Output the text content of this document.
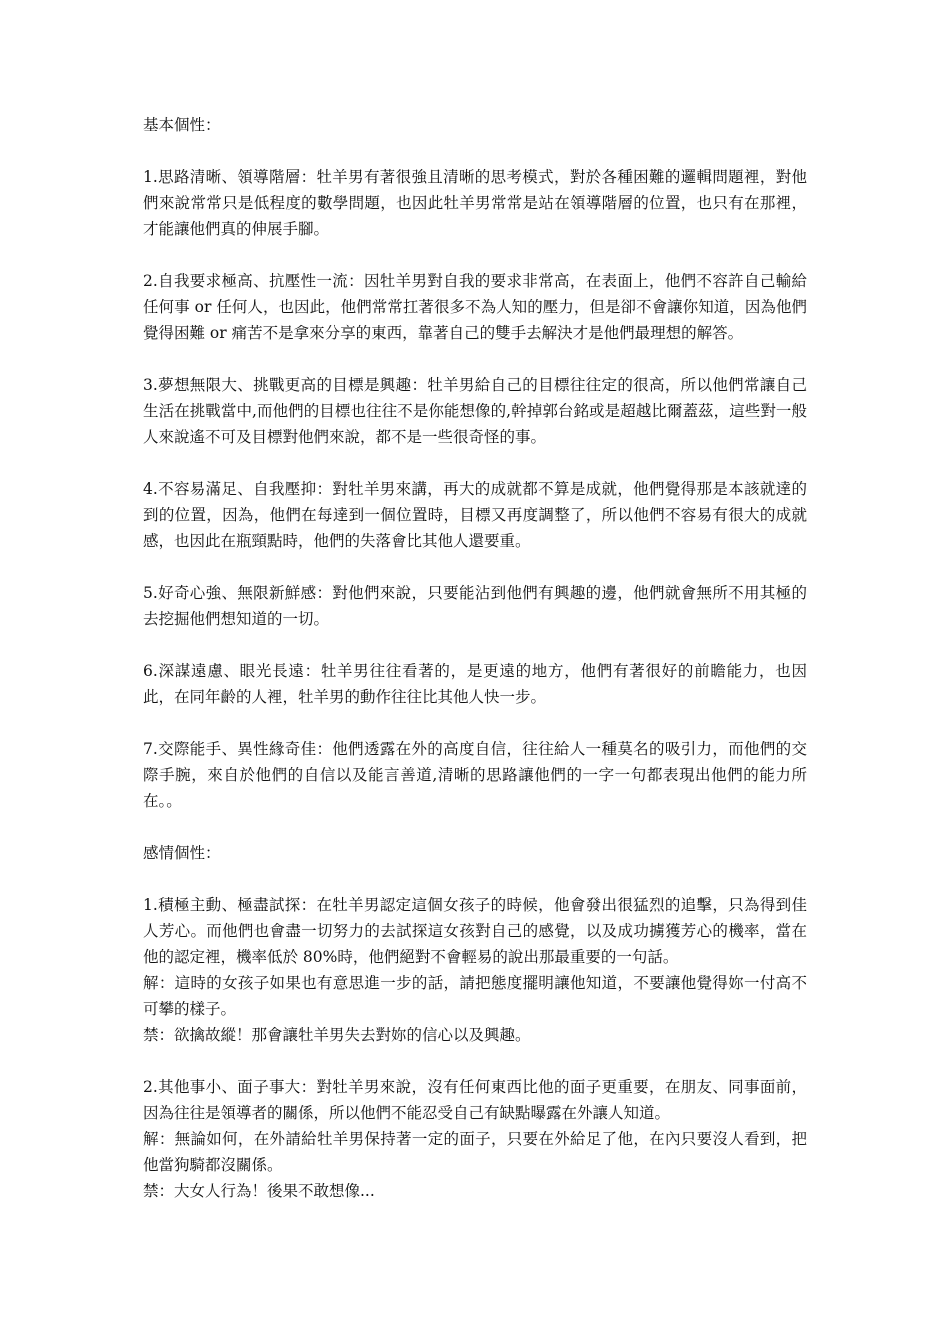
基本個性：

1.思路清晰、領導階層：牡羊男有著很強且清晰的思考模式，對於各種困難的邏輯問題裡，對他們來說常常只是低程度的數學問題，也因此牡羊男常常是站在領導階層的位置，也只有在那裡，才能讓他們真的伸展手腳。

2.自我要求極高、抗壓性一流：因牡羊男對自我的要求非常高，在表面上，他們不容許自己輸給任何事 or 任何人，也因此，他們常常扛著很多不為人知的壓力，但是卻不會讓你知道，因為他們覺得困難 or 痛苦不是拿來分享的東西，靠著自己的雙手去解決才是他們最理想的解答。

3.夢想無限大、挑戰更高的目標是興趣：牡羊男給自己的目標往往定的很高，所以他們常讓自己生活在挑戰當中,而他們的目標也往往不是你能想像的,幹掉郭台銘或是超越比爾蓋茲，這些對一般人來說遙不可及目標對他們來說，都不是一些很奇怪的事。

4.不容易滿足、自我壓抑：對牡羊男來講，再大的成就都不算是成就，他們覺得那是本該就達的到的位置，因為，他們在每達到一個位置時，目標又再度調整了，所以他們不容易有很大的成就感，也因此在瓶頸點時，他們的失落會比其他人還要重。

5.好奇心強、無限新鮮感：對他們來說，只要能沾到他們有興趣的邊，他們就會無所不用其極的去挖掘他們想知道的一切。

6.深謀遠慮、眼光長遠：牡羊男往往看著的，是更遠的地方，他們有著很好的前瞻能力，也因此，在同年齡的人裡，牡羊男的動作往往比其他人快一步。

7.交際能手、異性緣奇佳：他們透露在外的高度自信，往往給人一種莫名的吸引力，而他們的交際手腕，來自於他們的自信以及能言善道,清晰的思路讓他們的一字一句都表現出他們的能力所在。。

感情個性：

1.積極主動、極盡試探：在牡羊男認定這個女孩子的時候，他會發出很猛烈的追擊，只為得到佳人芳心。而他們也會盡一切努力的去試探這女孩對自己的感覺，以及成功擄獲芳心的機率，當在他的認定裡，機率低於 80%時，他們絕對不會輕易的說出那最重要的一句話。

解：這時的女孩子如果也有意思進一步的話，請把態度擺明讓他知道，不要讓他覺得妳一付高不可攀的樣子。

禁：欲擒故縱！那會讓牡羊男失去對妳的信心以及興趣。

2.其他事小、面子事大：對牡羊男來說，沒有任何東西比他的面子更重要，在朋友、同事面前，因為往往是領導者的關係，所以他們不能忍受自己有缺點曝露在外讓人知道。

解：無論如何，在外請給牡羊男保持著一定的面子，只要在外給足了他，在內只要沒人看到，把他當狗騎都沒關係。

禁：大女人行為！後果不敢想像...
